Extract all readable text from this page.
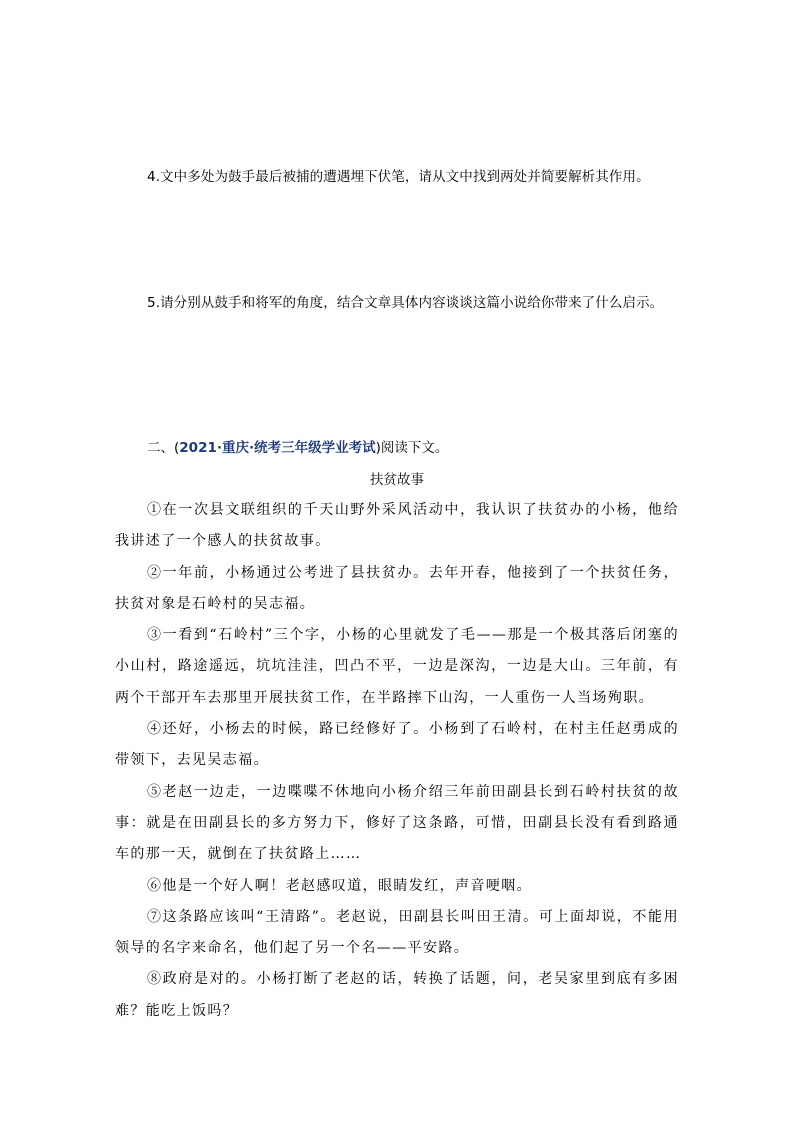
4.文中多处为鼓手最后被捕的遭遇埋下伏笔，请从文中找到两处并简要解析其作用。
5.请分别从鼓手和将军的角度，结合文章具体内容谈谈这篇小说给你带来了什么启示。
二、(2021·重庆·统考三年级学业考试)阅读下文。
扶贫故事

①在一次县文联组织的千天山野外采风活动中，我认识了扶贫办的小杨，他给我讲述了一个感人的扶贫故事。

②一年前，小杨通过公考进了县扶贫办。去年开春，他接到了一个扶贫任务，扶贫对象是石岭村的吴志福。

③一看到“石岭村”三个字，小杨的心里就发了毛——那是一个极其落后闭塞的小山村，路途遥远，坑坑洼洼，凹凸不平，一边是深沟，一边是大山。三年前，有两个干部开车去那里开展扶贫工作，在半路摔下山沟，一人重伤一人当场殉职。

④还好，小杨去的时候，路已经修好了。小杨到了石岭村，在村主任赵勇成的带领下，去见吴志福。

⑤老赵一边走，一边喋喋不休地向小杨介绍三年前田副县长到石岭村扶贫的故事：就是在田副县长的多方努力下，修好了这条路，可惜，田副县长没有看到路通车的那一天，就倒在了扶贫路上……

⑥他是一个好人啊！老赵感叹道，眼睛发红，声音哽咽。

⑦这条路应该叫“王清路”。老赵说，田副县长叫田王清。可上面却说，不能用领导的名字来命名，他们起了另一个名——平安路。

⑧政府是对的。小杨打断了老赵的话，转换了话题，问，老吴家里到底有多困难？能吃上饭吗？
